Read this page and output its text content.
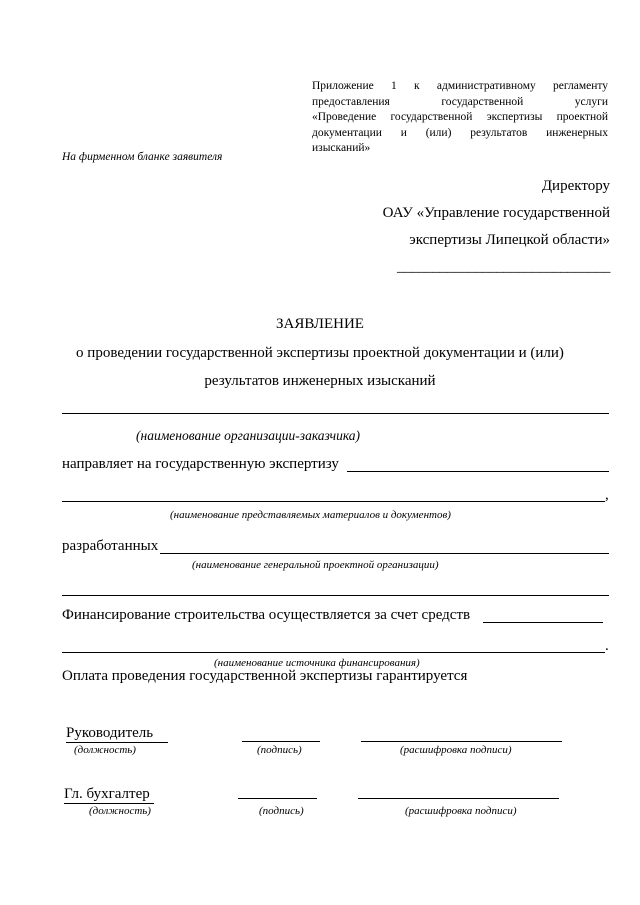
Приложение 1 к административному регламенту
предоставления государственной услуги
«Проведение государственной экспертизы проектной
документации и (или) результатов инженерных
изысканий»
На фирменном бланке заявителя
Директору
ОАУ «Управление государственной
экспертизы Липецкой области»
______________________________
ЗАЯВЛЕНИЕ
о проведении государственной экспертизы проектной документации и (или)
результатов инженерных изысканий
(наименование организации-заказчика)
направляет на государственную экспертизу
,
(наименование представляемых материалов и документов)
разработанных
(наименование генеральной проектной организации)
Финансирование строительства осуществляется за счет средств
.
(наименование источника финансирования)
Оплата проведения государственной экспертизы гарантируется
Руководитель
(должность)	(подпись)	(расшифровка подписи)
Гл. бухгалтер
(должность)	(подпись)	(расшифровка подписи)
